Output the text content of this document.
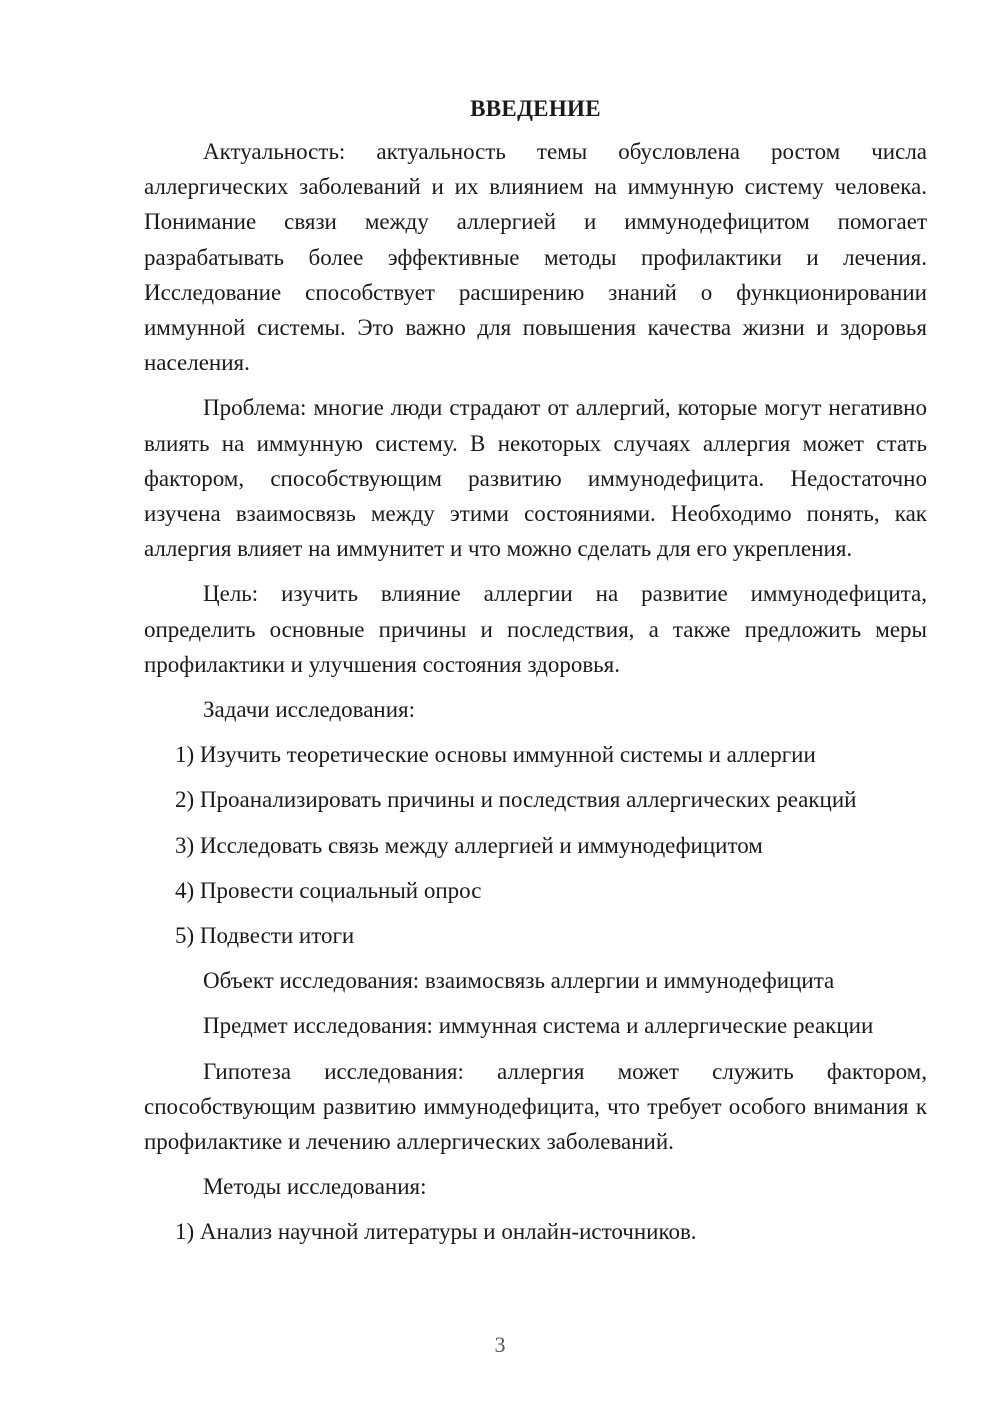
ВВЕДЕНИЕ

Актуальность: актуальность темы обусловлена ростом числа аллергических заболеваний и их влиянием на иммунную систему человека. Понимание связи между аллергией и иммунодефицитом помогает разрабатывать более эффективные методы профилактики и лечения. Исследование способствует расширению знаний о функционировании иммунной системы. Это важно для повышения качества жизни и здоровья населения.

Проблема: многие люди страдают от аллергий, которые могут негативно влиять на иммунную систему. В некоторых случаях аллергия может стать фактором, способствующим развитию иммунодефицита. Недостаточно изучена взаимосвязь между этими состояниями. Необходимо понять, как аллергия влияет на иммунитет и что можно сделать для его укрепления.

Цель: изучить влияние аллергии на развитие иммунодефицита, определить основные причины и последствия, а также предложить меры профилактики и улучшения состояния здоровья.

Задачи исследования:

1) Изучить теоретические основы иммунной системы и аллергии
2) Проанализировать причины и последствия аллергических реакций
3) Исследовать связь между аллергией и иммунодефицитом
4) Провести социальный опрос
5) Подвести итоги

Объект исследования: взаимосвязь аллергии и иммунодефицита

Предмет исследования: иммунная система и аллергические реакции

Гипотеза исследования: аллергия может служить фактором, способствующим развитию иммунодефицита, что требует особого внимания к профилактике и лечению аллергических заболеваний.

Методы исследования:

1) Анализ научной литературы и онлайн-источников.
3
